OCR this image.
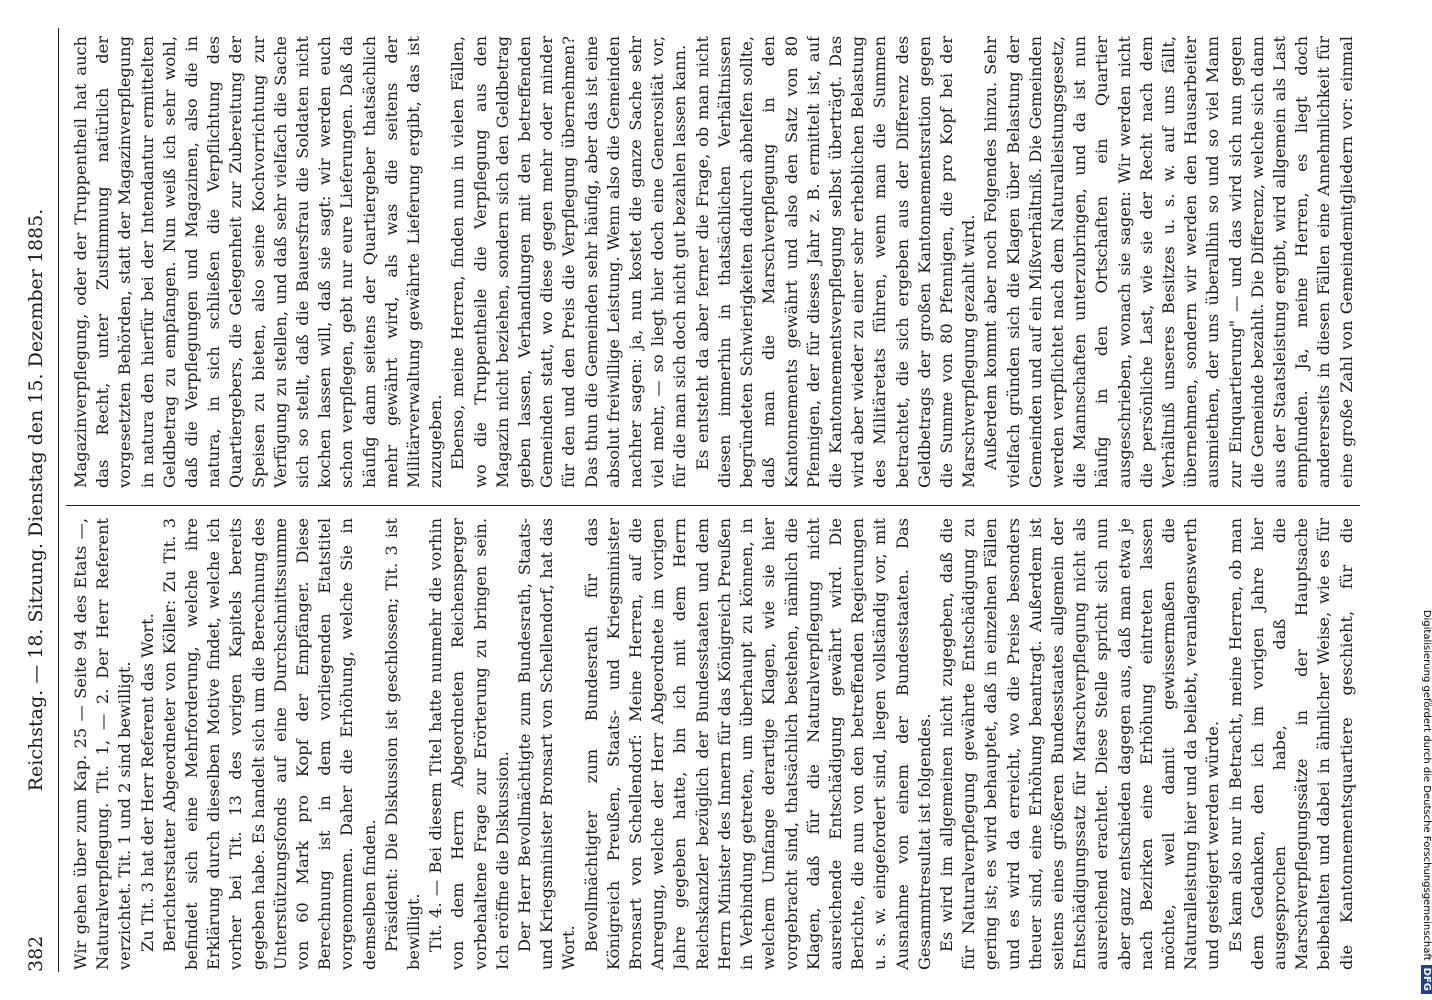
382
Reichstag. — 18. Sitzung. Dienstag den 15. Dezember 1885.	Wir gehen über zum Kap. 25 — Seite 94 des Etats —, Naturalverpflegung. Tit. 1, — 2. Der Herr Referent verzichtet. Tit. 1 und 2 sind bewilligt. Zu Tit. 3 hat der Herr Referent das Wort. Berichterstatter Abgeordneter von Köller: Zu Tit. 3 befindet sich eine Mehrforderung, welche ihre Erklärung durch dieselben Motive findet, welche ich vorher bei Tit. 13 des vorigen Kapitels bereits gegeben habe. Es handelt sich um die Berechnung des Unterstützungsfonds auf eine Durchschnittssumme von 60 Mark pro Kopf der Empfänger. Diese Berechnung ist in dem vorliegenden Etatstitel vorgenommen. Daher die Erhöhung, welche Sie in demselben finden. Präsident: Die Diskussion ist geschlossen; Tit. 3 ist bewilligt. Tit. 4. — Bei diesem Titel hatte nunmehr die vorhin von dem Herrn Abgeordneten Reichensperger vorbehaltene Frage zur Erörterung zu bringen sein. Ich eröffne die Diskussion. Der Herr Bevollmächtigte zum Bundesrath, Staats- und Kriegsminister Bronsart von Schellendorf, hat das Wort. Bevollmächtigter zum Bundesrath für das Königreich Preußen, Staats- und Kriegsminister Bronsart von Schellendorf: Meine Herren, auf die Anregung, welche der Herr Abgeordnete im vorigen Jahre gegeben hatte, bin ich mit dem Herrn Reichskanzler bezüglich der Bundesstaaten und dem Herrn Minister des Innern für das Königreich Preußen in Verbindung getreten, um überhaupt zu können, in welchem Umfange derartige Klagen, wie sie hier vorgebracht sind, thatsächlich bestehen, nämlich die Klagen, daß für die Naturalverpflegung nicht ausreichende Entschädigung gewährt wird. Die Berichte, die nun von den betreffenden Regierungen u. s. w. eingefordert sind, liegen vollständig vor, mit Ausnahme von einem der Bundesstaaten. Das Gesammtresultat ist folgendes. Es wird im allgemeinen nicht zugegeben, daß die für Naturalverpflegung gewährte Entschädigung zu gering ist; es wird behauptet, daß in einzelnen Fällen und es wird da erreicht, wo die Preise besonders theuer sind, eine Erhöhung beantragt. Außerdem ist seitens eines größeren Bundesstaates allgemein der Entschädigungssatz für Marschverpflegung nicht als ausreichend erachtet. Diese Stelle spricht sich nun aber ganz entschieden dagegen aus, daß man etwa je nach Bezirken eine Erhöhung eintreten lassen möchte, weil damit gewissermaßen die Naturalleistung hier und da beliebt, veranlagenswerth und gesteigert werden würde. Es kam also nur in Betracht, meine Herren, ob man dem Gedanken, den ich im vorigen Jahre hier ausgesprochen habe, daß die Marschverpflegungssätze in der Hauptsache beibehalten und dabei in ähnlicher Weise, wie es für die Kantonnementsquartiere geschieht, für die

Magazinverpflegung, oder der Truppentheil hat auch das Recht, unter Zustimmung natürlich der vorgesetzten Behörden, statt der Magazinverpflegung in natura den hierfür bei der Intendantur ermittelten Geldbetrag zu empfangen. Nun weiß ich sehr wohl, daß die Verpflegungen und Magazinen, also die in natura, in sich schließen die Verpflichtung des Quartiergebers, die Gelegenheit zur Zubereitung der Speisen zu bieten, also seine Kochvorrichtung zur Verfügung zu stellen, und daß sehr vielfach die Sache sich so stellt, daß die Bauersfrau die Soldaten nicht kochen lassen will, daß sie sagt: wir werden euch schon verpflegen, gebt nur eure Lieferungen. Daß da häufig dann seitens der Quartiergeber thatsächlich mehr gewährt wird, als was die seitens der Militärverwaltung gewährte Lieferung ergibt, das ist zuzugeben. Ebenso, meine Herren, finden nun in vielen Fällen, wo die Truppentheile die Verpflegung aus den Magazin nicht beziehen, sondern sich den Geldbetrag geben lassen, Verhandlungen mit den betreffenden Gemeinden statt, wo diese gegen mehr oder minder für den und den Preis die Verpflegung übernehmen? Das thun die Gemeinden sehr häufig, aber das ist eine absolut freiwillige Leistung. Wenn also die Gemeinden nachher sagen: ja, nun kostet die ganze Sache sehr viel mehr, — so liegt hier doch eine Generosität vor, für die man sich doch nicht gut bezahlen lassen kann. Es entsteht da aber ferner die Frage, ob man nicht diesen immerhin in thatsächlichen Verhältnissen begründeten Schwierigkeiten dadurch abhelfen sollte, daß man die Marschverpflegung in den Kantonnements gewährt und also den Satz von 80 Pfennigen, der für dieses Jahr z. B. ermittelt ist, auf die Kantonnementsverpflegung selbst überträgt. Das wird aber wieder zu einer sehr erheblichen Belastung des Militäretats führen, wenn man die Summen betrachtet, die sich ergeben aus der Differenz des Geldbetrags der großen Kantonnementsration gegen die Summe von 80 Pfennigen, die pro Kopf bei der Marschverpflegung gezahlt wird. Außerdem kommt aber noch Folgendes hinzu. Sehr vielfach gründen sich die Klagen über Belastung der Gemeinden und auf ein Mißverhältniß. Die Gemeinden werden verpflichtet nach dem Naturalleistungsgesetz, die Mannschaften unterzubringen, und da ist nun häufig in den Ortschaften ein Quartier ausgeschrieben, wonach sie sagen: Wir werden nicht die persönliche Last, wie sie der Recht nach dem Verhältniß unseres Besitzes u. s. w. auf uns fällt, übernehmen, sondern wir werden den Hausarbeiter ausmiethen, der uns überallhin so und so viel Mann zur Einquartierung" — und das wird sich nun gegen die Gemeinde bezahlt. Die Differenz, welche sich dann aus der Staatsleistung ergibt, wird allgemein als Last empfunden. Ja, meine Herren, es liegt doch andererseits in diesen Fällen eine Annehmlichkeit für eine große Zahl von Gemeindemitgliedern vor: einmal

Digitalisierung gefördert durch die Deutsche ForschungsgemeinschaftDFG
